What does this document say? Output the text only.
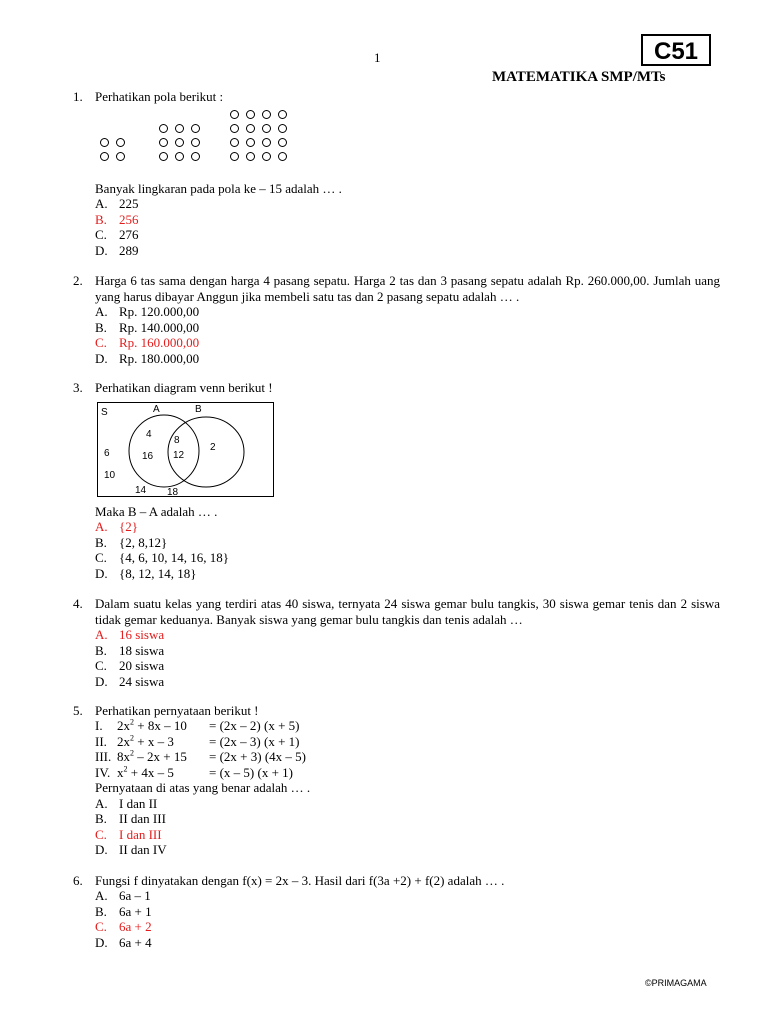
1	C51
MATEMATIKA SMP/MTs
1. Perhatikan pola berikut :
Banyak lingkaran pada pola ke – 15 adalah … .
A. 225
B. 256
C. 276
D. 289
2. Harga 6 tas sama dengan harga 4 pasang sepatu. Harga 2 tas dan 3 pasang sepatu adalah Rp. 260.000,00. Jumlah uang yang harus dibayar Anggun jika membeli satu tas dan 2 pasang sepatu adalah … .
A. Rp. 120.000,00
B. Rp. 140.000,00
C. Rp. 160.000,00
D. Rp. 180.000,00
3. Perhatikan diagram venn berikut !
S	A	B
4
8
16 12
2
6
10
14 18
Maka B – A adalah … .
A. {2}
B. {2, 8,12}
C. {4, 6, 10, 14, 16, 18}
D. {8, 12, 14, 18}
4. Dalam suatu kelas yang terdiri atas 40 siswa, ternyata 24 siswa gemar bulu tangkis, 30 siswa gemar tenis dan 2 siswa tidak gemar keduanya. Banyak siswa yang gemar bulu tangkis dan tenis adalah …
A. 16 siswa
B. 18 siswa
C. 20 siswa
D. 24 siswa
5. Perhatikan pernyataan berikut !
I. $2x^2 + 8x - 10 = (2x - 2) (x + 5)$
II. $2x^2 + x - 3$	= (2x – 3) (x + 1)
III. $8x^2 - 2x + 15 = (2x + 3)$ (4x – 5)
IV. $x^2 + 4x - 5$	= (x – 5) (x + 1)
Pernyataan di atas yang benar adalah … .
A. I dan II
B. II dan III
C. I dan III
D. II dan IV
6. Fungsi f dinyatakan dengan f(x) = 2x – 3. Hasil dari f(3a +2) + f(2) adalah … .
A. 6a – 1
B. 6a + 1
C. 6a + 2
D. 6a + 4
©PRIMAGAMA
